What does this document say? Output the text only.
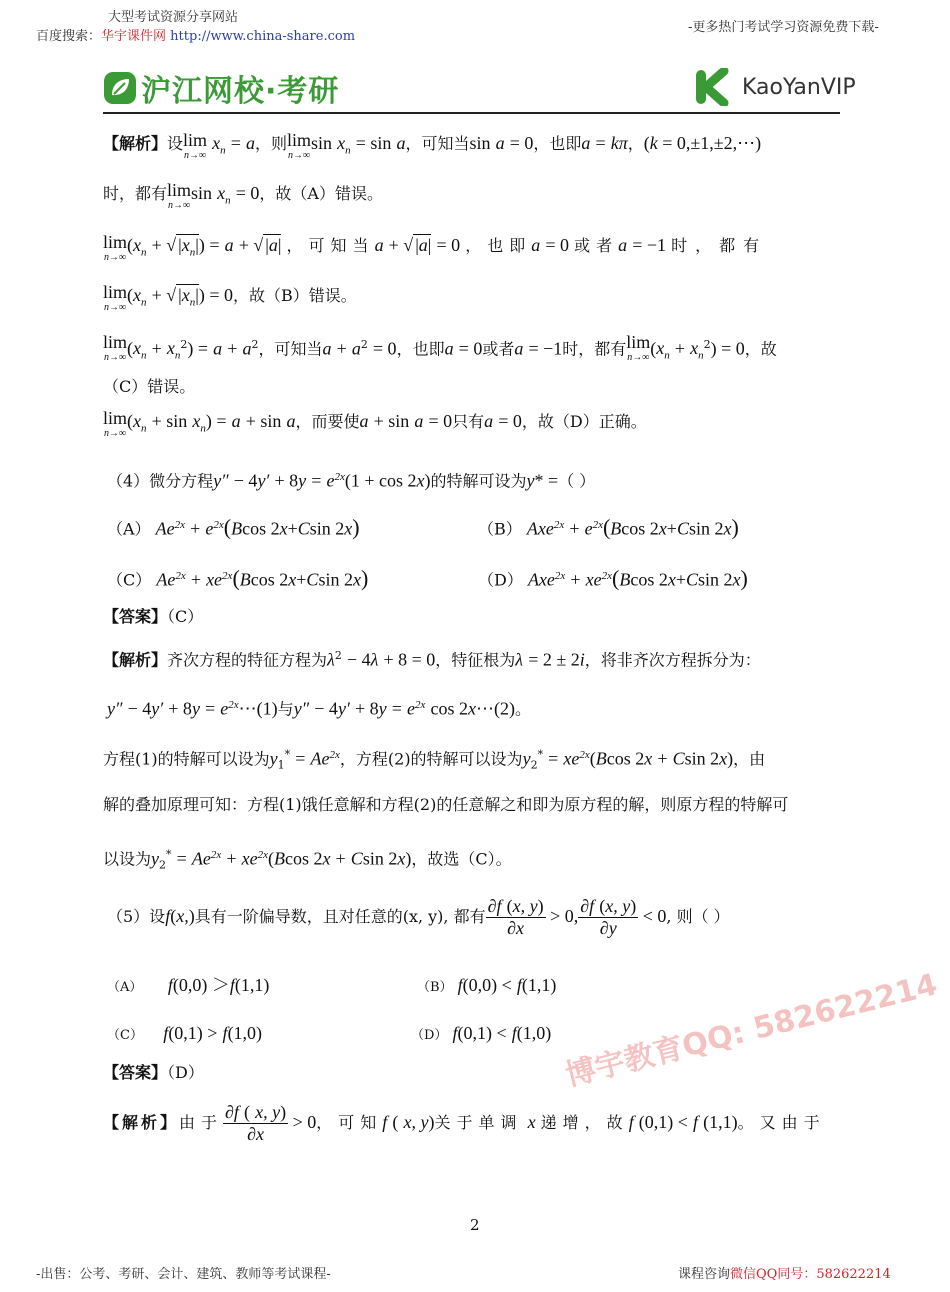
大型考试资源分享网站
百度搜索：华宇课件网 http://www.china-share.com
-更多热门考试学习资源免费下载-
沪江网校·考研	KaoYanVIP
【解析】设 lim
n→∞
$x_n = a$，则 lim
n→∞
$\sin x_n = \sin a$，可知当sin a = 0，也即a = kπ，(k = 0,±1,±2,⋯)
时，都有 lim
n→∞
$\sin x_n = 0$，故（A）错误。
lim
n→∞
($x_n$ + √ $|x_n|) = a$ + √ |a| ，可知当a + √ |a| = 0 ，也即a = 0 或者a = −1 时，都有
lim
n→∞
($x_n$ + √ $|x_n|) = 0$，故（B）错误。
lim
n→∞ $(x_n + x_n^2) = a + a^2$，可知当$a + a^2 = 0$，也即a = 0或者a = −1时，都有 lim
n→∞ $(x_n + x_n^2) = 0$，故
（C）错误。
lim
n→∞
$(x_n + \sin x_n) = a + \sin a$，而要使a + sin a = 0只有a = 0，故（D）正确。
（4）微分方程$y'' - 4y' + 8y = e^{2x}(1 + \cos 2x)$的特解可设为y* =（ ）
（A） $Ae^{2x} + e^{2x}(Bcos$ 2x+Csin 2x)	（B） $Axe^{2x} + e^{2x}(Bcos$ 2x+Csin 2x)
（C） $Ae^{2x} + xe^{2x}(Bcos$ 2x+Csin 2x)	（D） $Axe^{2x} + xe^{2x}(Bcos$ 2x+Csin 2x)
【答案】（C）
【解析】齐次方程的特征方程为$\lambda^2 - 4\lambda + 8 = 0$，特征根为λ = 2 ± 2i，将非齐次方程拆分为：
$y'' - 4y' + 8y = e^{2x}\cdots(1)$与$y'' - 4y' + 8y = e^{2x}$ cos 2x⋯(2)。
方程(1)的特解可以设为$y_1^* = Ae^{2x}$，方程(2)的特解可以设为$y_2^* = xe^{2x}(Bcos$ 2x + Csin 2x)，由
解的叠加原理可知：方程(1)饿任意解和方程(2)的任意解之和即为原方程的解，则原方程的特解可
以设为$y_2^* = Ae^{2x} + xe^{2x}(Bcos$ 2x + Csin 2x)，故选（C）。
（5）设f(x,)具有一阶偏导数，且对任意的(x, y), 都有 $\frac{\partial f (x, y)}{\partial x} > 0$, $\frac{\partial f (x, y)}{\partial y} < 0$, 则（ ）
（A） f(0,0) ＞f(1,1)	（B） f(0,0) < f(1,1)
（C） f(0,1) > f(1,0)	（D） f(0,1) < f(1,0)
【答案】（D）
【解析】由于 $\frac{\partial f ( x, y)}{\partial x} > 0$，可知f ( x, y)关于单调 x 递增，故f (0,1) < f (1,1)。又由于
博宇教育QQ: 582622214
2
-出售：公考、考研、会计、建筑、教师等考试课程-	课程咨询微信QQ同号：582622214
